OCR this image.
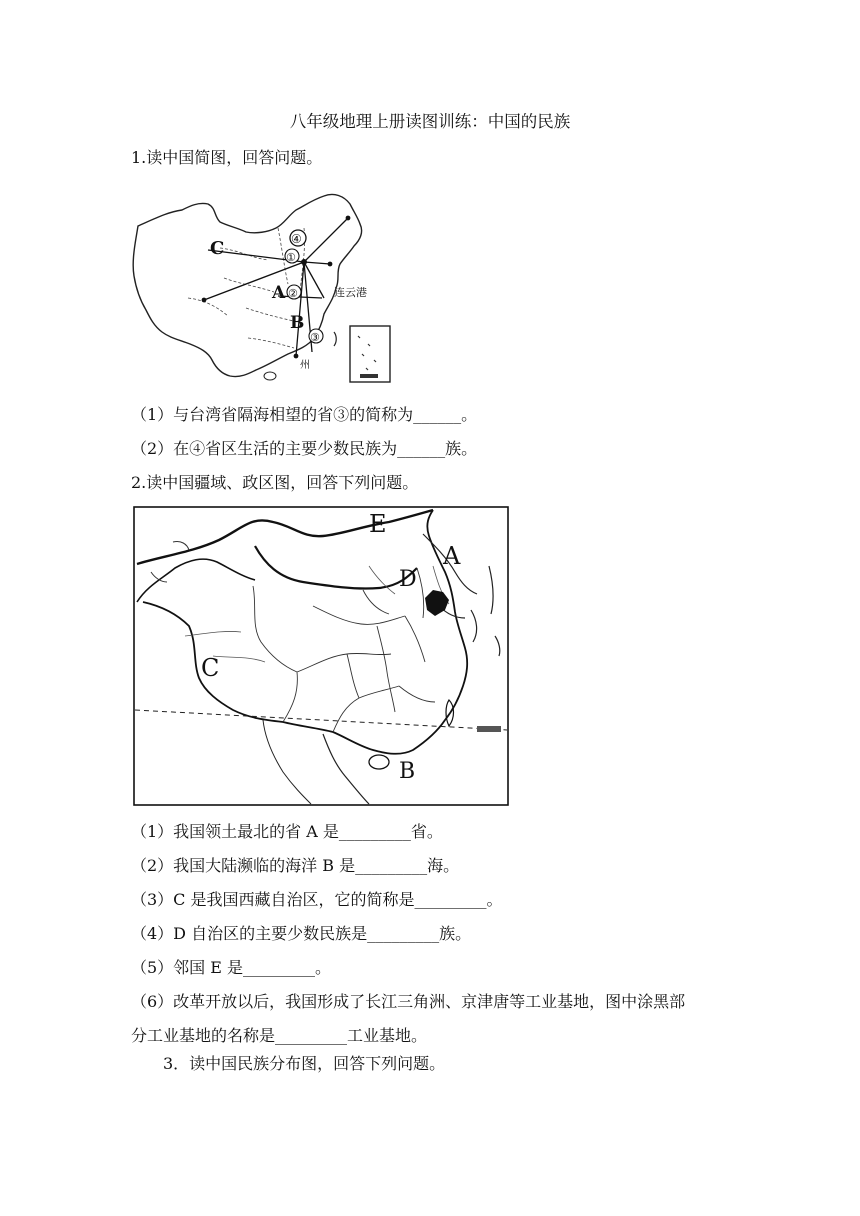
八年级地理上册读图训练：中国的民族
1.读中国简图，回答问题。
C
A
B
④
①
②
③
连云港
州
（1）与台湾省隔海相望的省③的简称为______。
（2）在④省区生活的主要少数民族为______族。
2.读中国疆域、政区图，回答下列问题。
E
A
D
C
B
（1）我国领土最北的省 A 是_________省。
（2）我国大陆濒临的海洋 B 是_________海。
（3）C 是我国西藏自治区，它的简称是_________。
（4）D 自治区的主要少数民族是_________族。
（5）邻国 E 是_________。
（6）改革开放以后，我国形成了长江三角洲、京津唐等工业基地，图中涂黑部
分工业基地的名称是_________工业基地。
3．读中国民族分布图，回答下列问题。
